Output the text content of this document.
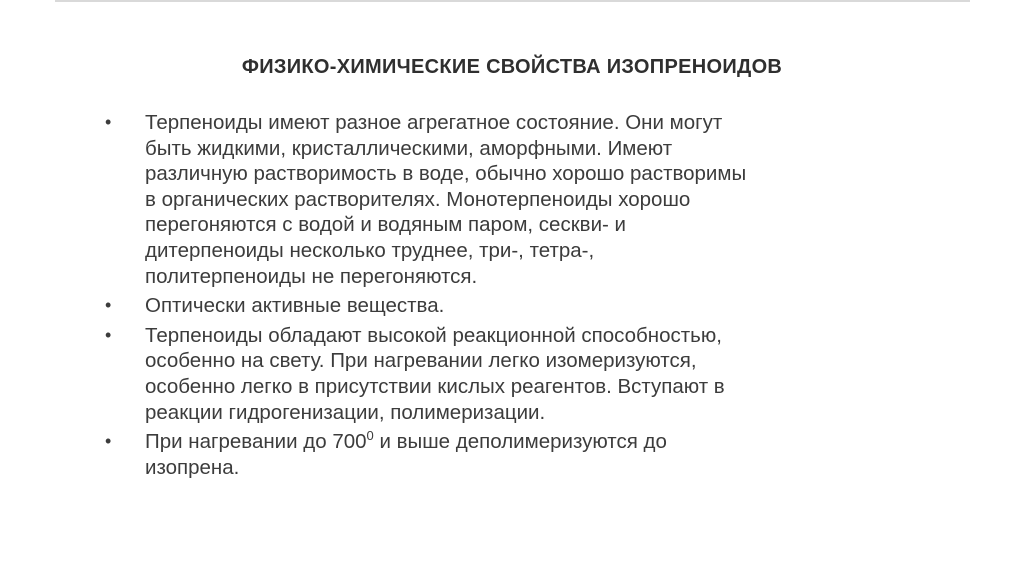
ФИЗИКО-ХИМИЧЕСКИЕ СВОЙСТВА ИЗОПРЕНОИДОВ
• Терпеноиды имеют разное агрегатное состояние. Они могут
быть жидкими, кристаллическими, аморфными. Имеют
различную растворимость в воде, обычно хорошо растворимы
в органических растворителях. Монотерпеноиды хорошо
перегоняются с водой и водяным паром, сескви- и
дитерпеноиды несколько труднее, три-, тетра-,
политерпеноиды не перегоняются.
• Оптически активные вещества.
• Терпеноиды обладают высокой реакционной способностью,
особенно на свету. При нагревании легко изомеризуются,
особенно легко в присутствии кислых реагентов. Вступают в
реакции гидрогенизации, полимеризации.
• При нагревании до $700^0$ и выше деполимеризуются до
изопрена.
